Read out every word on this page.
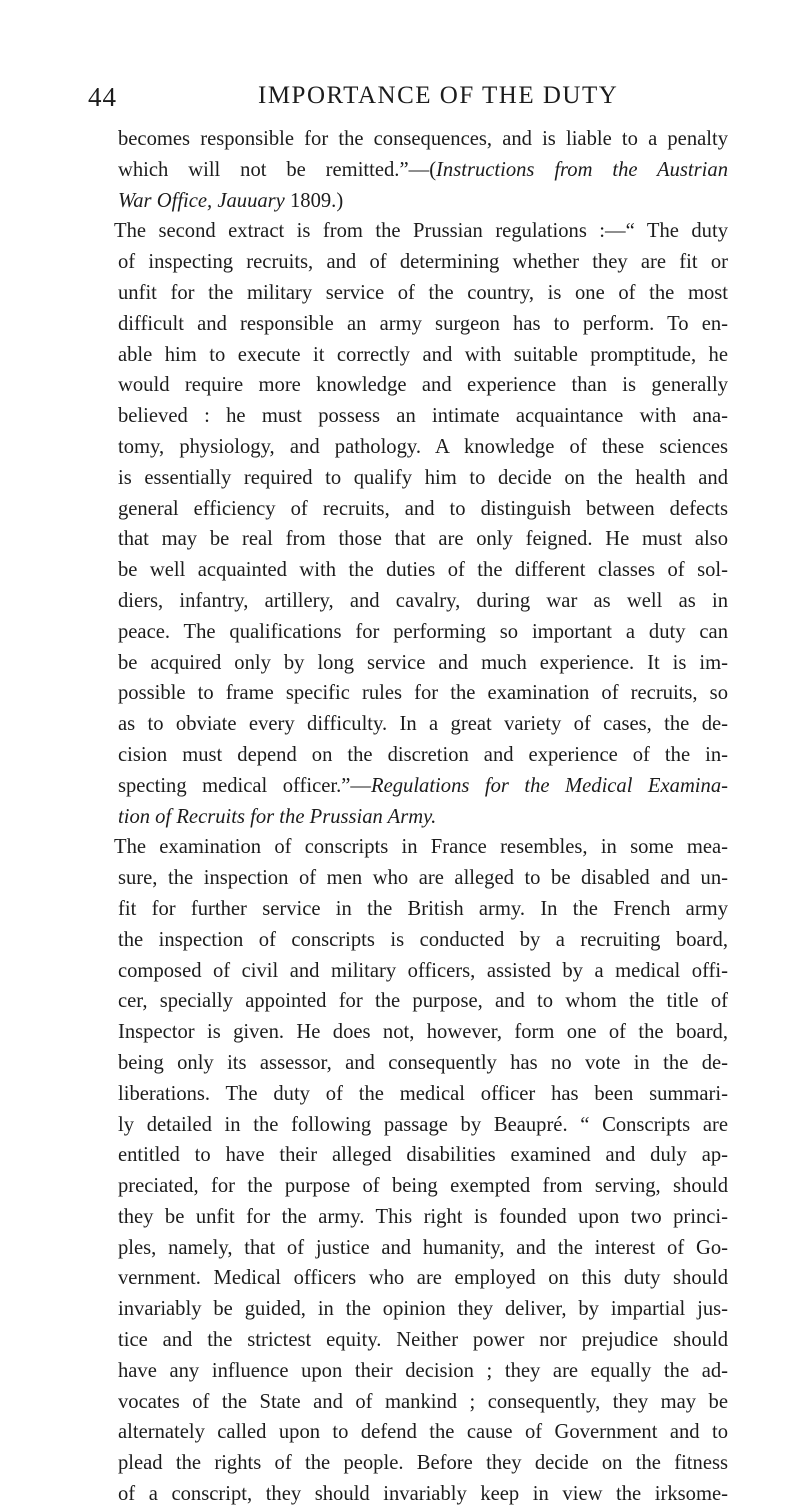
44	IMPORTANCE OF THE DUTY
becomes responsible for the consequences, and is liable to a penalty
which will not be remitted.”—(Instructions from the Austrian
War Office, Jauuary 1809.)
The second extract is from the Prussian regulations :—“ The duty
of inspecting recruits, and of determining whether they are fit or
unfit for the military service of the country, is one of the most
difficult and responsible an army surgeon has to perform. To en-
able him to execute it correctly and with suitable promptitude, he
would require more knowledge and experience than is generally
believed : he must possess an intimate acquaintance with ana-
tomy, physiology, and pathology. A knowledge of these sciences
is essentially required to qualify him to decide on the health and
general efficiency of recruits, and to distinguish between defects
that may be real from those that are only feigned. He must also
be well acquainted with the duties of the different classes of sol-
diers, infantry, artillery, and cavalry, during war as well as in
peace. The qualifications for performing so important a duty can
be acquired only by long service and much experience. It is im-
possible to frame specific rules for the examination of recruits, so
as to obviate every difficulty. In a great variety of cases, the de-
cision must depend on the discretion and experience of the in-
specting medical officer.”—Regulations for the Medical Examina-
tion of Recruits for the Prussian Army.
The examination of conscripts in France resembles, in some mea-
sure, the inspection of men who are alleged to be disabled and un-
fit for further service in the British army. In the French army
the inspection of conscripts is conducted by a recruiting board,
composed of civil and military officers, assisted by a medical offi-
cer, specially appointed for the purpose, and to whom the title of
Inspector is given. He does not, however, form one of the board,
being only its assessor, and consequently has no vote in the de-
liberations. The duty of the medical officer has been summari-
ly detailed in the following passage by Beaupré. “ Conscripts are
entitled to have their alleged disabilities examined and duly ap-
preciated, for the purpose of being exempted from serving, should
they be unfit for the army. This right is founded upon two princi-
ples, namely, that of justice and humanity, and the interest of Go-
vernment. Medical officers who are employed on this duty should
invariably be guided, in the opinion they deliver, by impartial jus-
tice and the strictest equity. Neither power nor prejudice should
have any influence upon their decision ; they are equally the ad-
vocates of the State and of mankind ; consequently, they may be
alternately called upon to defend the cause of Government and to
plead the rights of the people. Before they decide on the fitness
of a conscript, they should invariably keep in view the irksome-
